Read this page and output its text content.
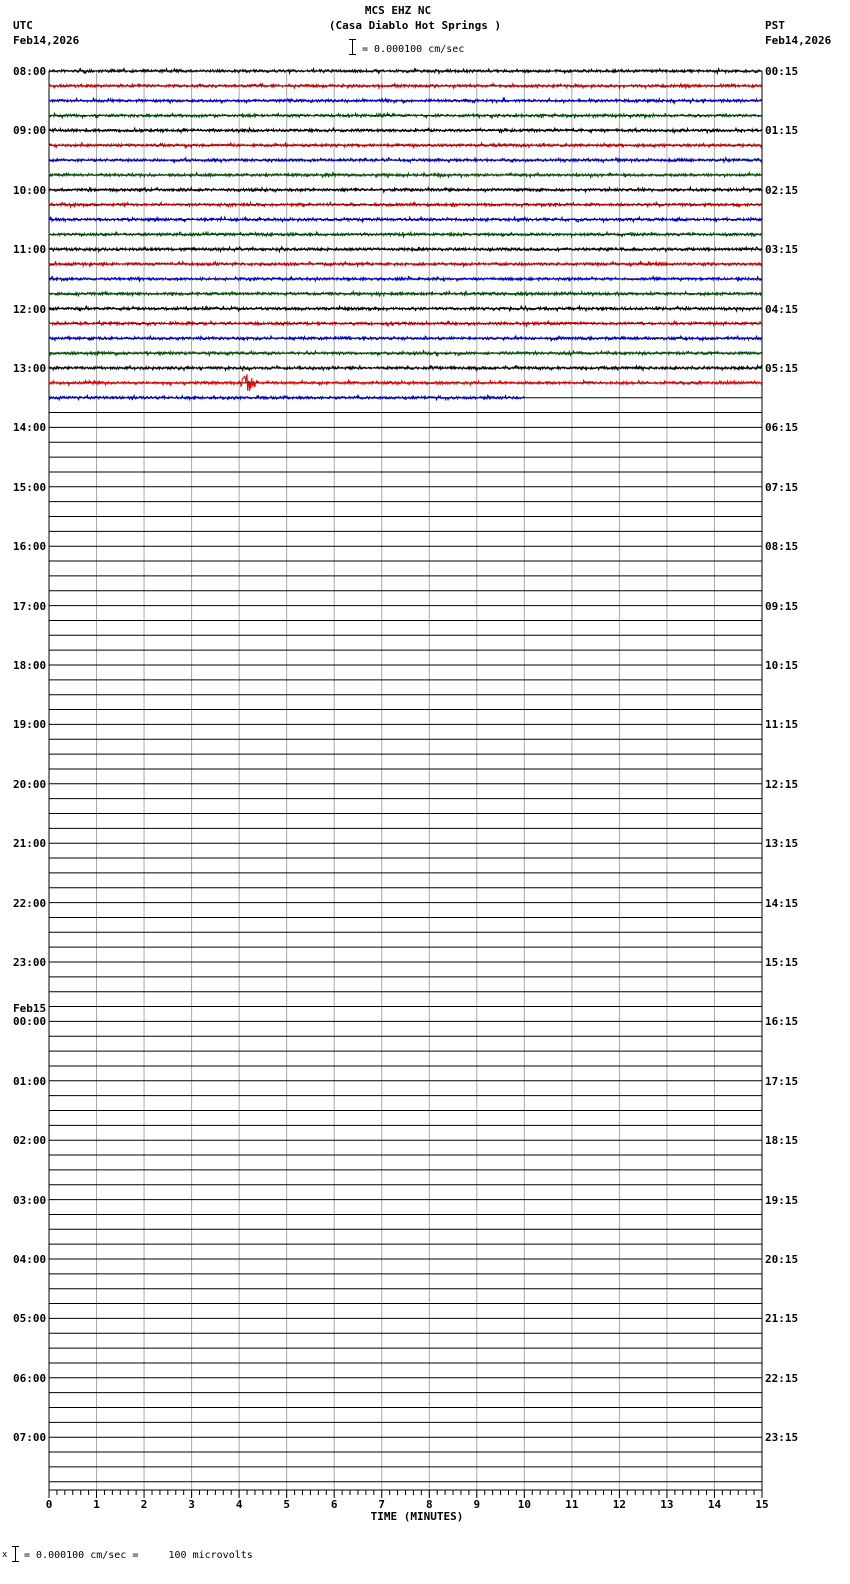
MCS EHZ NC
(Casa Diablo Hot Springs )
= 0.000100 cm/sec
UTC
Feb14,2026
PST
Feb14,2026
08:00
09:00
10:00
11:00
12:00
13:00
14:00
15:00
16:00
17:00
18:00
19:00
20:00
21:00
22:00
23:00
00:00
01:00
02:00
03:00
04:00
05:00
06:00
07:00
00:15
01:15
02:15
03:15
04:15
05:15
06:15
07:15
08:15
09:15
10:15
11:15
12:15
13:15
14:15
15:15
16:15
17:15
18:15
19:15
20:15
21:15
22:15
23:15
Feb15
0	1	2	3	4	5	6	7	8	9	10	11	12	13	14	15
TIME (MINUTES)
x = 0.000100 cm/sec =     100 microvolts
